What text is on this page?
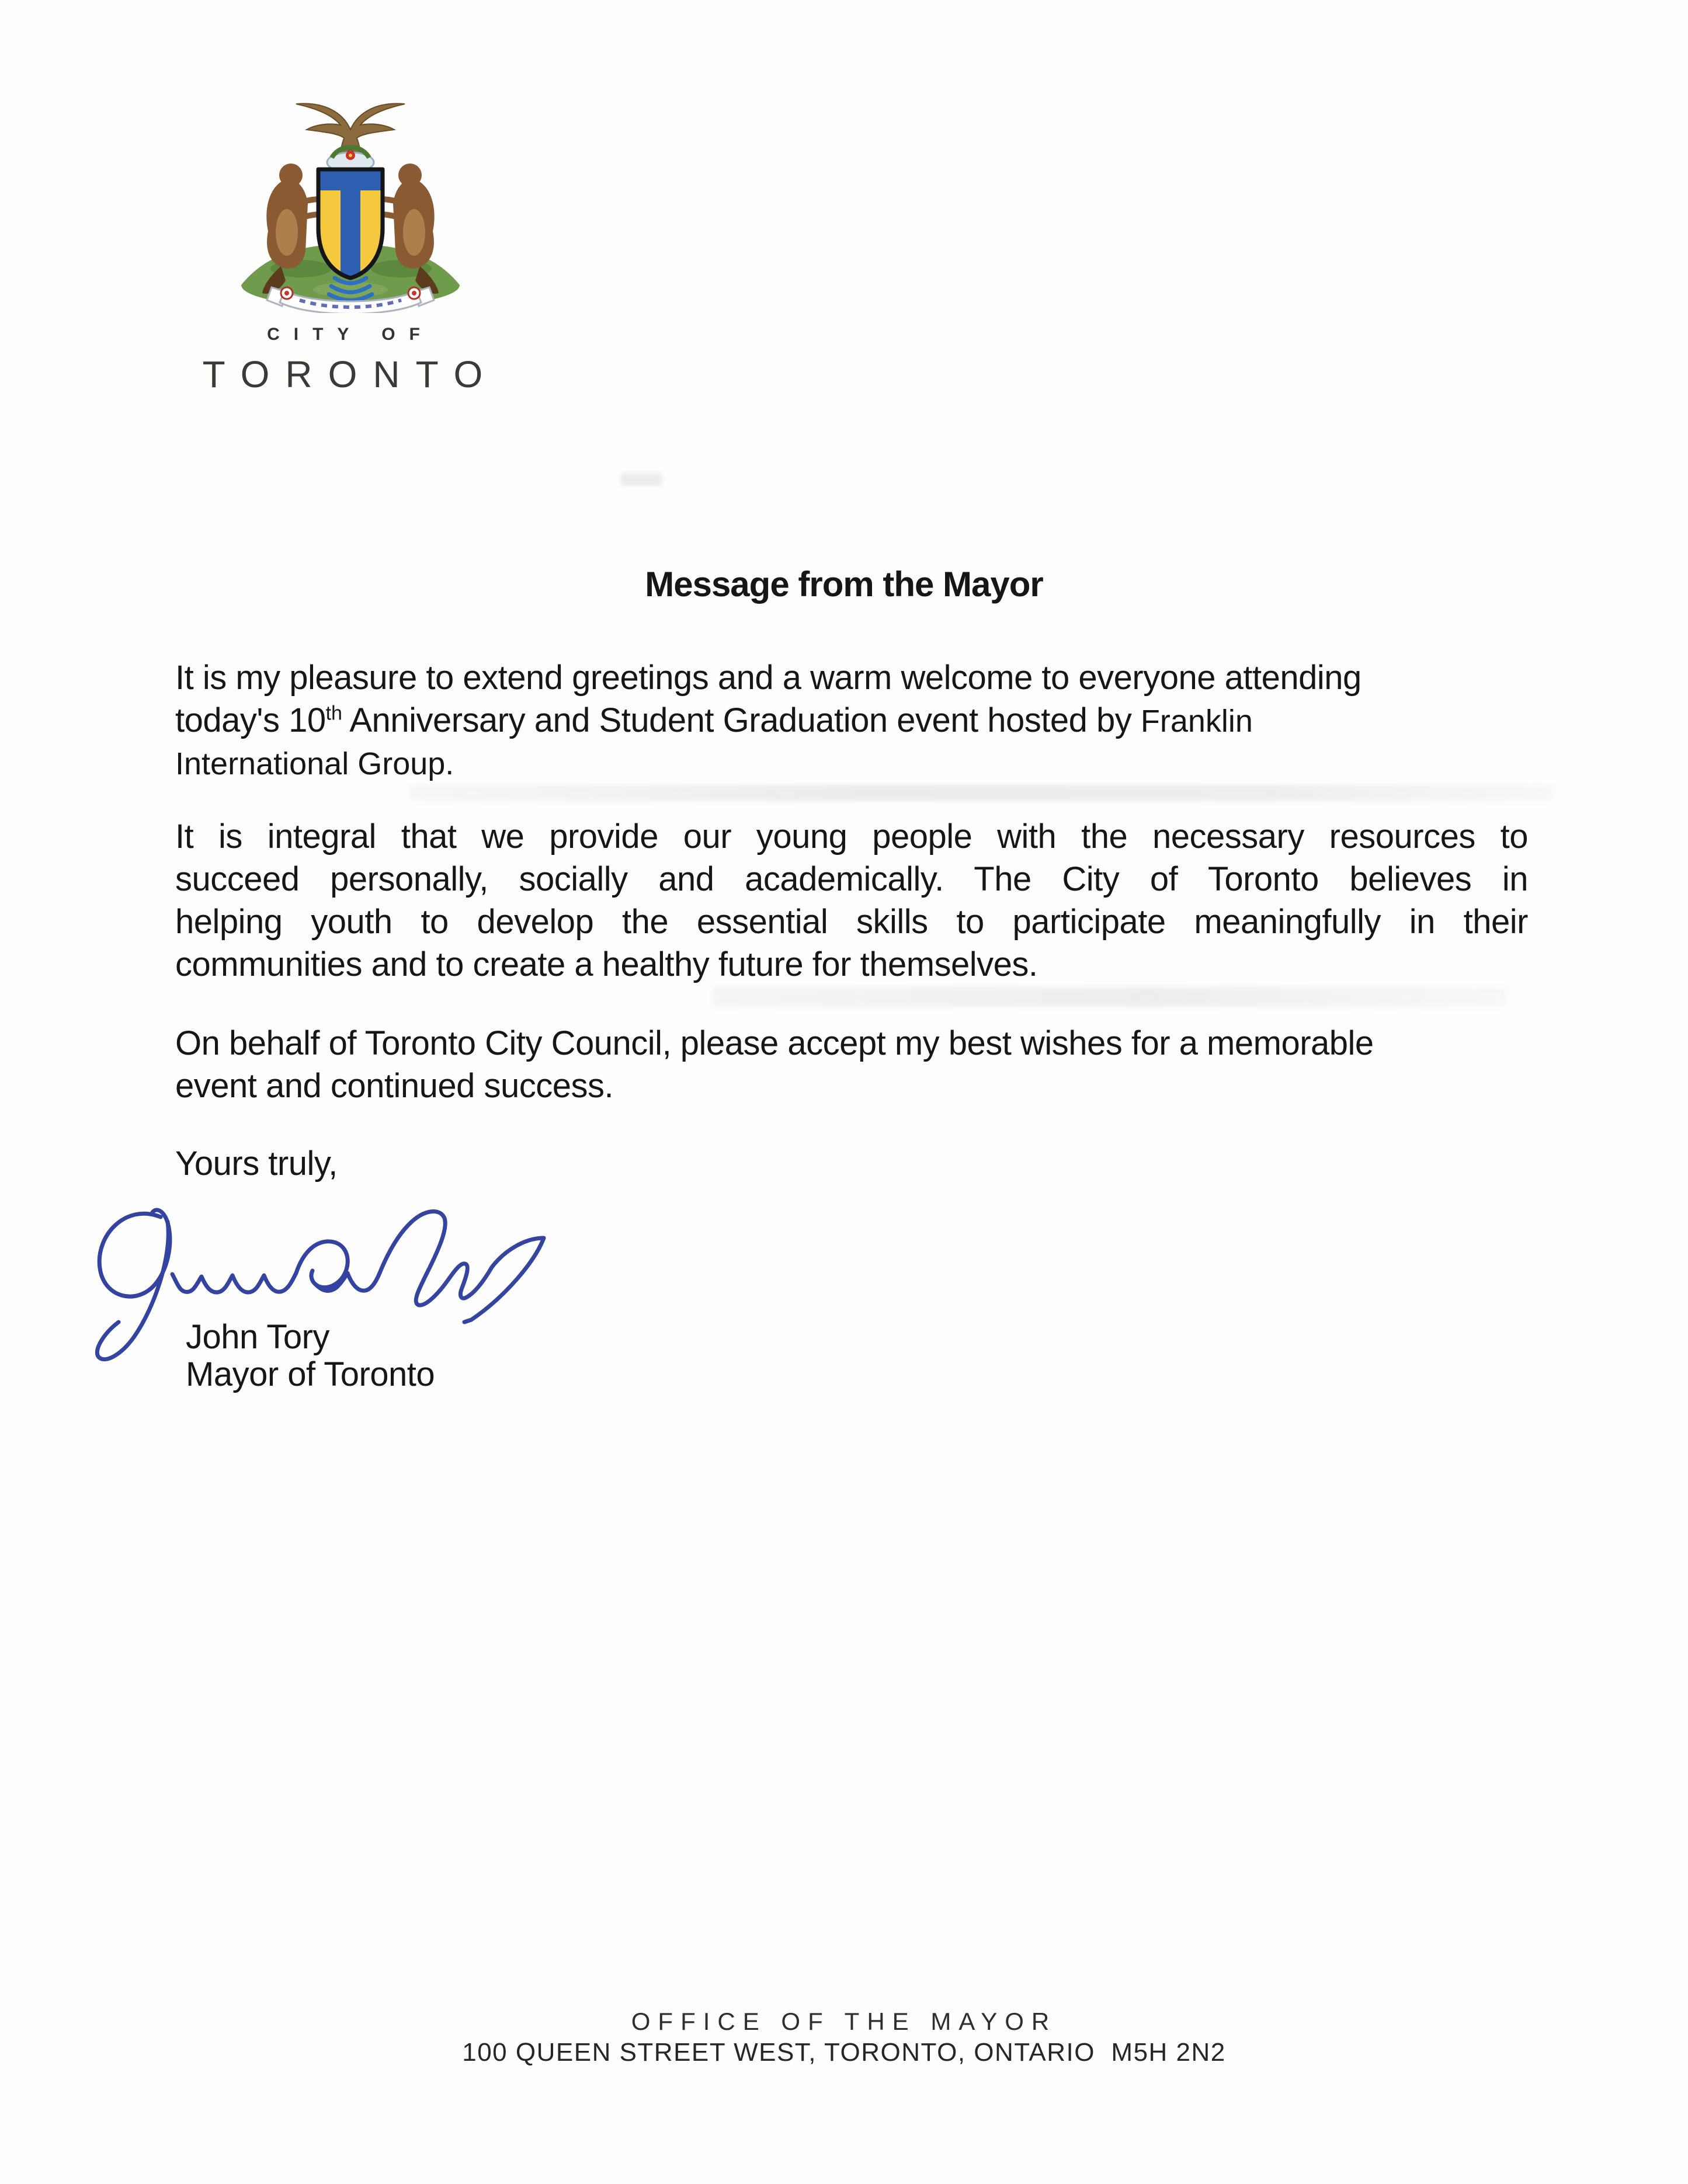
CITY OF
TORONTO
Message from the Mayor
It is my pleasure to extend greetings and a warm welcome to everyone attending
today's 10th Anniversary and Student Graduation event hosted by Franklin
International Group.
It is integral that we provide our young people with the necessary resources to
succeed personally, socially and academically. The City of Toronto believes in
helping youth to develop the essential skills to participate meaningfully in their
communities and to create a healthy future for themselves.
On behalf of Toronto City Council, please accept my best wishes for a memorable
event and continued success.
Yours truly,
John Tory
Mayor of Toronto
OFFICE OF THE MAYOR
100 QUEEN STREET WEST, TORONTO, ONTARIO  M5H 2N2
